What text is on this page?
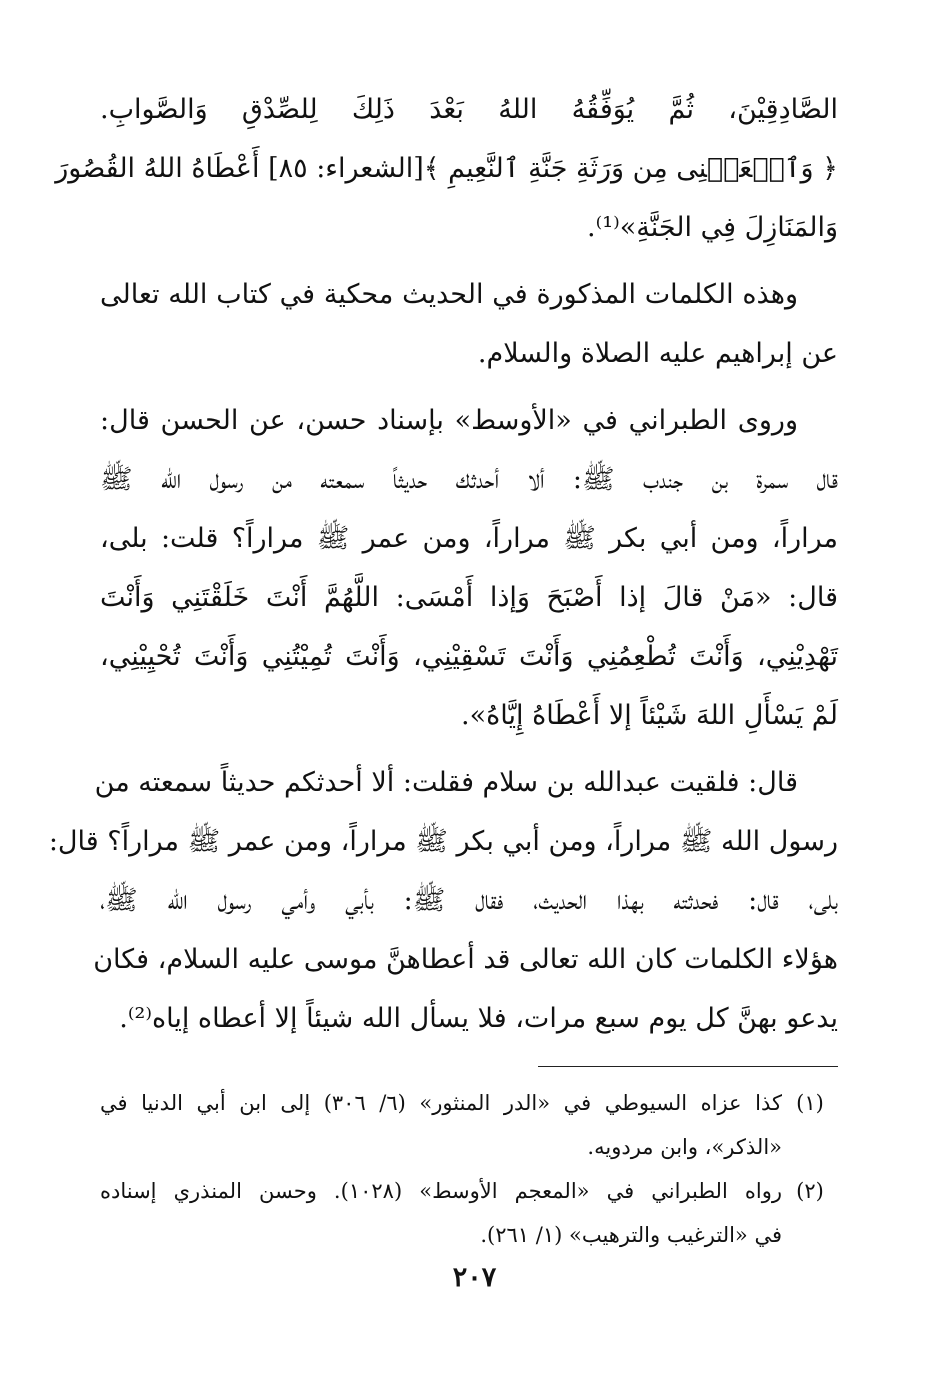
الصَّادِقِيْنَ، ثُمَّ يُوَفِّقُهُ اللهُ بَعْدَ ذَلِكَ لِلصِّدْقِ وَالصَّوابِ.
﴿ وَٱجۡعَلۡنِى مِن وَرَثَةِ جَنَّةِ ٱلنَّعِيمِ ﴾[الشعراء: ٨٥] أَعْطَاهُ اللهُ القُصُورَ
وَالمَنَازِلَ فِي الجَنَّةِ»⁽¹⁾.

وهذه الكلمات المذكورة في الحديث محكية في كتاب الله تعالى
عن إبراهيم عليه الصلاة والسلام.

وروى الطبراني في «الأوسط» بإسناد حسن، عن الحسن قال:
قال سمرة بن جندب ﷺ: ألا أحدثك حديثاً سمعته من رسول الله ﷺ
مراراً، ومن أبي بكر ﷺ مراراً، ومن عمر ﷺ مراراً؟ قلت: بلى،
قال: «مَنْ قالَ إذا أَصْبَحَ وَإذا أَمْسَى: اللَّهُمَّ أَنْتَ خَلَقْتَنِي وَأَنْتَ
تَهْدِيْنِي، وَأَنْتَ تُطْعِمُنِي وَأَنْتَ تَسْقِيْنِي، وَأَنْتَ تُمِيْتُنِي وَأَنْتَ تُحْيِيْنِي،
لَمْ يَسْأَلِ اللهَ شَيْئاً إلا أَعْطَاهُ إِيَّاهُ».

قال: فلقيت عبدالله بن سلام فقلت: ألا أحدثكم حديثاً سمعته من
رسول الله ﷺ مراراً، ومن أبي بكر ﷺ مراراً، ومن عمر ﷺ مراراً؟ قال:
بلى، قال: فحدثته بهذا الحديث، فقال ﷺ: بأبي وأمي رسول الله ﷺ،
هؤلاء الكلمات كان الله تعالى قد أعطاهنَّ موسى عليه السلام، فكان
يدعو بهنَّ كل يوم سبع مرات، فلا يسأل الله شيئاً إلا أعطاه إياه⁽²⁾.

(١)
كذا عزاه السيوطي في «الدر المنثور» (٦/ ٣٠٦) إلى ابن أبي الدنيا في
«الذكر»، وابن مردويه.
(٢)
رواه الطبراني في «المعجم الأوسط» (١٠٢٨). وحسن المنذري إسناده
في «الترغيب والترهيب» (١/ ٢٦١).
٢٠٧
